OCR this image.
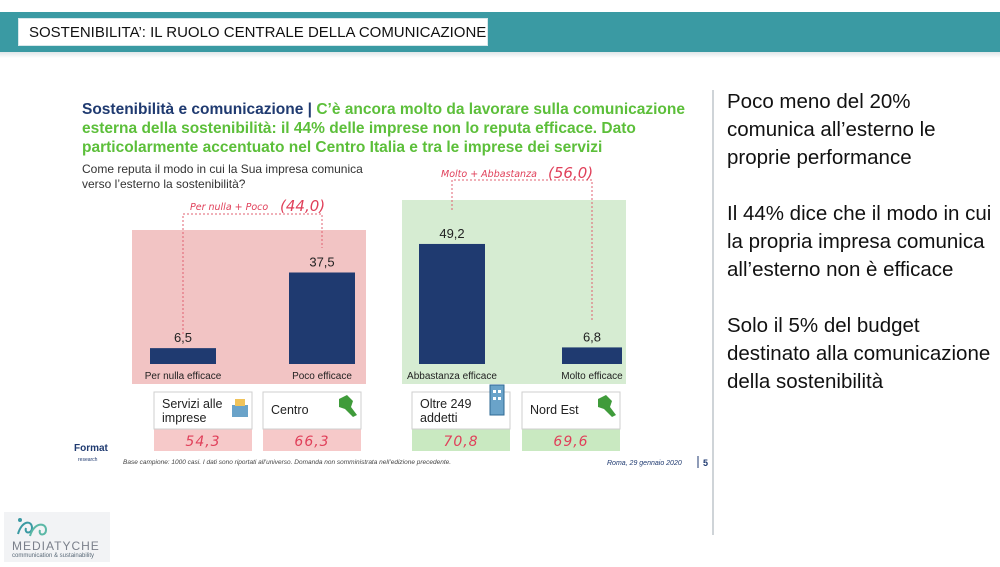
SOSTENIBILITA’: IL RUOLO CENTRALE DELLA COMUNICAZIONE
Per nulla + Poco (44,0)
Molto + Abbastanza (56,0)
6,5
Per nulla efficace
37,5
Poco efficace
49,2
Abbastanza efficace
6,8
Molto efficace
Servizi alle imprese
54,3
Centro
66,3
Oltre 249 addetti
70,8
Nord Est
69,6
Format
research	Base campione: 1000 casi. I dati sono riportati all’universo. Domanda non somministrata nell’edizione precedente.	Roma, 29 gennaio 2020 5
Sostenibilità e comunicazione | C’è ancora molto da lavorare sulla comunicazione esterna della sostenibilità: il 44% delle imprese non lo reputa efficace. Dato particolarmente accentuato nel Centro Italia e tra le imprese dei servizi
Come reputa il modo in cui la Sua impresa comunica verso l’esterno la sostenibilità?

Poco meno del 20% comunica all’esterno le proprie performance

Il 44% dice che il modo in cui la propria impresa comunica all’esterno non è efficace

Solo il 5% del budget destinato alla comunicazione della sostenibilità

MEDIATYCHE
communication & sustainability
